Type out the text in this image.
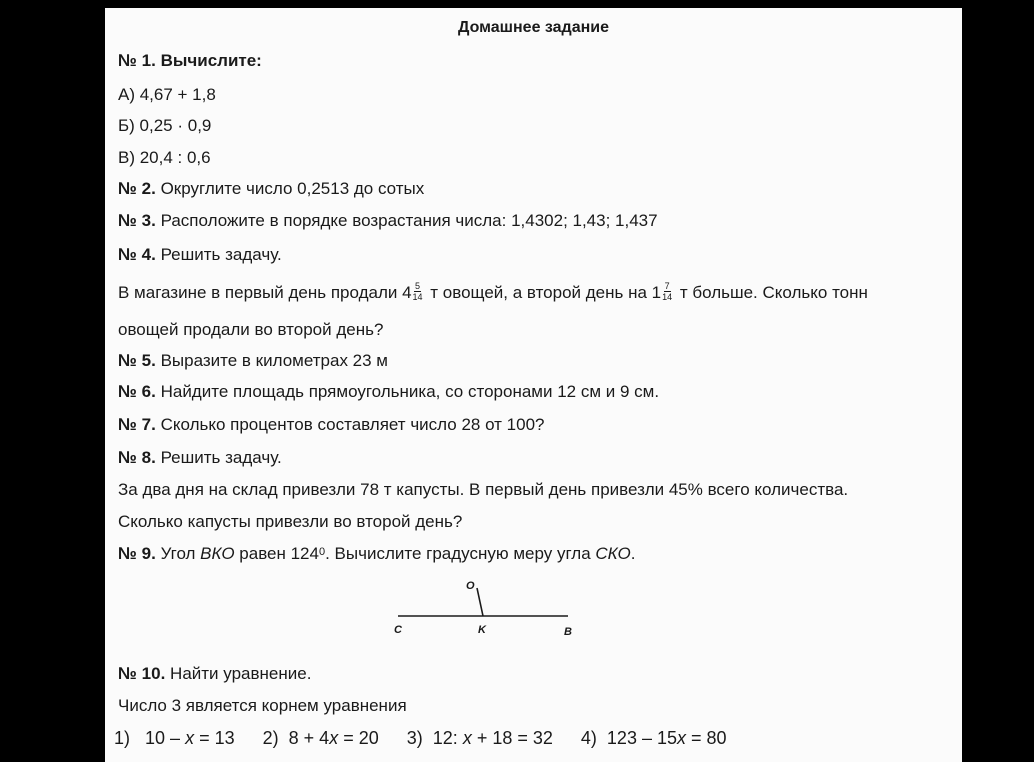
Домашнее задание
№ 1. Вычислите:
А) 4,67 + 1,8
Б) 0,25 · 0,9
В) 20,4 : 0,6
№ 2. Округлите число 0,2513 до сотых
№ 3. Расположите в порядке возрастания числа: 1,4302; 1,43; 1,437
№ 4. Решить задачу.
В магазине в первый день продали $4 \frac{5}{14}$ т овощей, а второй день на $1 \frac{7}{14}$ т больше. Сколько тонн
овощей продали во второй день?
№ 5. Выразите в километрах 23 м
№ 6. Найдите площадь прямоугольника, со сторонами 12 см и 9 см.
№ 7. Сколько процентов составляет число 28 от 100?
№ 8. Решить задачу.
За два дня на склад привезли 78 т капусты. В первый день привезли 45% всего количества.
Сколько капусты привезли во второй день?
№ 9. Угол ВКО равен $124^0$. Вычислите градусную меру угла СКО.
O
C	K	B
№ 10. Найти уравнение.
Число 3 является корнем уравнения
1) 10 – x = 13 2) 8 + 4x = 20 3) 12: x + 18 = 32 4) 123 – 15x = 80
